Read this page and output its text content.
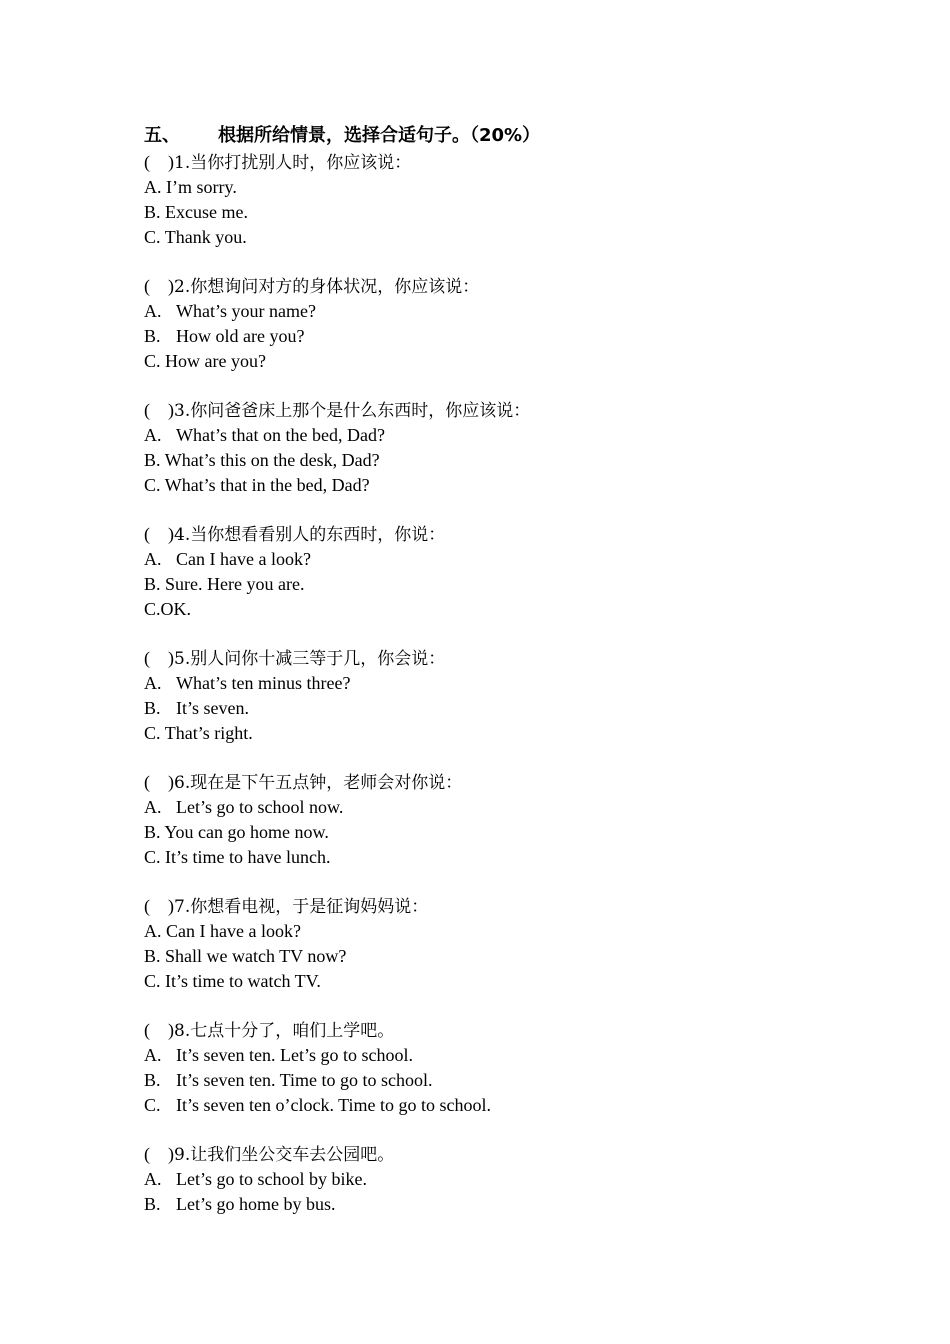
五、 根据所给情景，选择合适句子。（20%）
(    )1.当你打扰别人时，你应该说：
A. I’m sorry.
B. Excuse me.
C. Thank you.
(    )2.你想询问对方的身体状况，你应该说：
A. What’s your name?
B. How old are you?
C. How are you?
(    )3.你问爸爸床上那个是什么东西时，你应该说：
A. What’s that on the bed, Dad?
B. What’s this on the desk, Dad?
C. What’s that in the bed, Dad?
(    )4.当你想看看别人的东西时，你说：
A. Can I have a look?
B. Sure. Here you are.
C.OK.
(    )5.别人问你十减三等于几，你会说：
A. What’s ten minus three?
B. It’s seven.
C. That’s right.
(    )6.现在是下午五点钟，老师会对你说：
A. Let’s go to school now.
B. You can go home now.
C. It’s time to have lunch.
(    )7.你想看电视，于是征询妈妈说：
A. Can I have a look?
B. Shall we watch TV now?
C. It’s time to watch TV.
(    )8.七点十分了，咱们上学吧。
A. It’s seven ten. Let’s go to school.
B. It’s seven ten. Time to go to school.
C. It’s seven ten o’clock. Time to go to school.
(    )9.让我们坐公交车去公园吧。
A. Let’s go to school by bike.
B. Let’s go home by bus.
